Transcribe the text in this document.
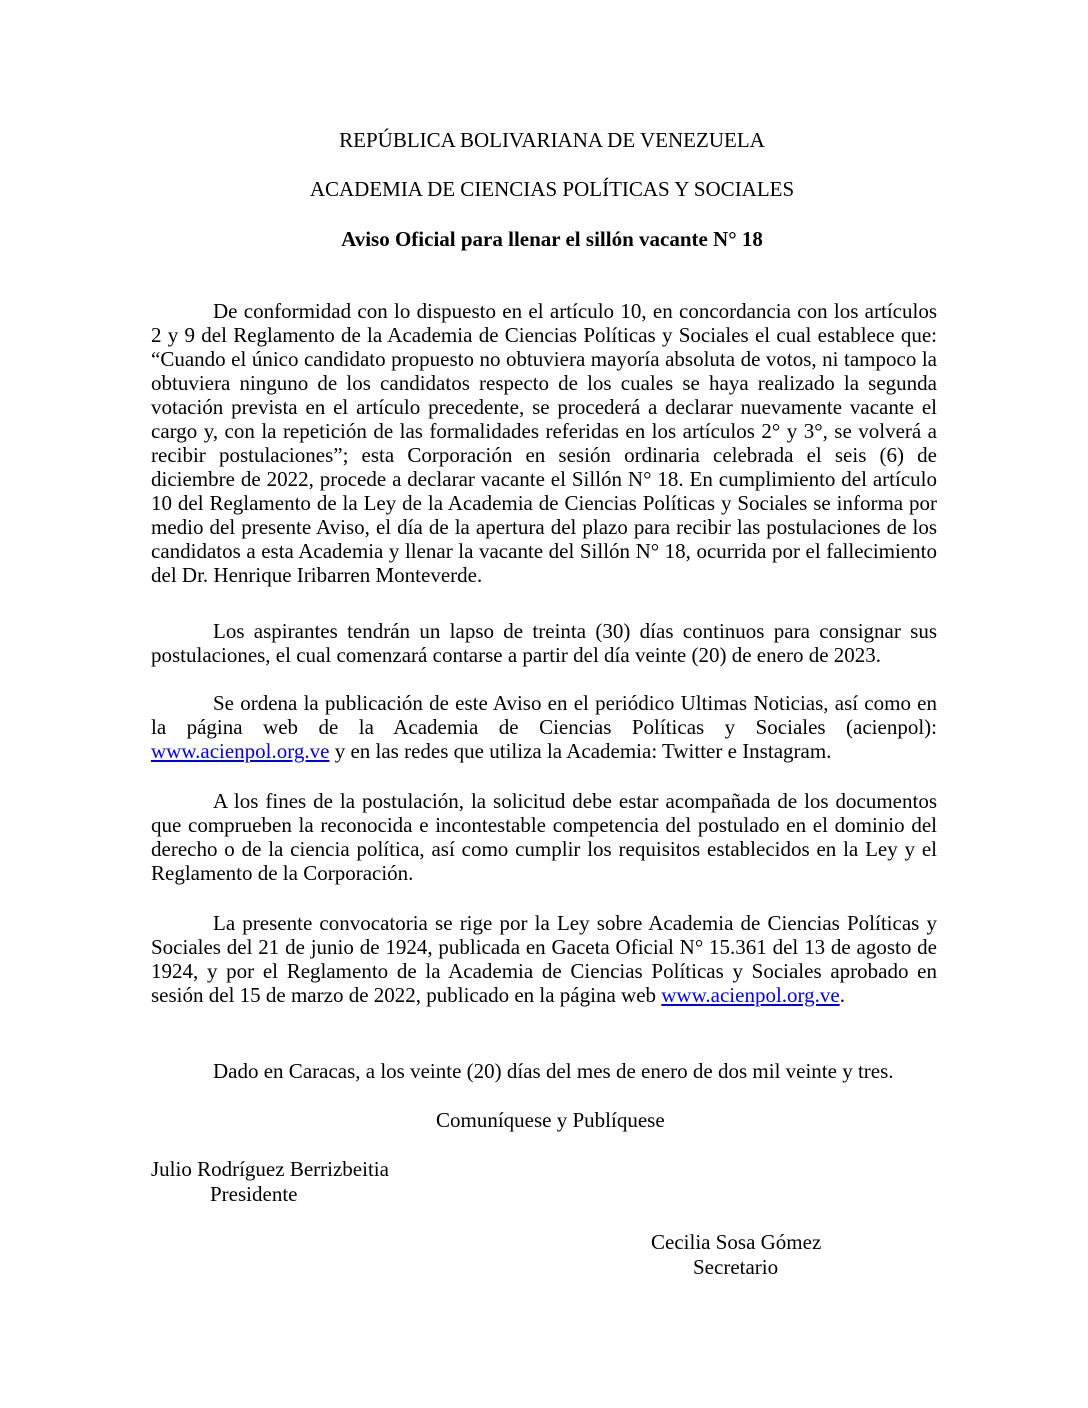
REPÚBLICA BOLIVARIANA DE VENEZUELA
ACADEMIA DE CIENCIAS POLÍTICAS Y SOCIALES
Aviso Oficial para llenar el sillón vacante N° 18

De conformidad con lo dispuesto en el artículo 10, en concordancia con los artículos 2 y 9 del Reglamento de la Academia de Ciencias Políticas y Sociales el cual establece que: “Cuando el único candidato propuesto no obtuviera mayoría absoluta de votos, ni tampoco la obtuviera ninguno de los candidatos respecto de los cuales se haya realizado la segunda votación prevista en el artículo precedente, se procederá a declarar nuevamente vacante el cargo y, con la repetición de las formalidades referidas en los artículos 2° y 3°, se volverá a recibir postulaciones”; esta Corporación en sesión ordinaria celebrada el seis (6) de diciembre de 2022, procede a declarar vacante el Sillón N° 18. En cumplimiento del artículo 10 del Reglamento de la Ley de la Academia de Ciencias Políticas y Sociales se informa por medio del presente Aviso, el día de la apertura del plazo para recibir las postulaciones de los candidatos a esta Academia y llenar la vacante del Sillón N° 18, ocurrida por el fallecimiento del Dr. Henrique Iribarren Monteverde.

Los aspirantes tendrán un lapso de treinta (30) días continuos para consignar sus postulaciones, el cual comenzará contarse a partir del día veinte (20) de enero de 2023.

Se ordena la publicación de este Aviso en el periódico Ultimas Noticias, así como en la página web de la Academia de Ciencias Políticas y Sociales (acienpol): www.acienpol.org.ve y en las redes que utiliza la Academia: Twitter e Instagram.

A los fines de la postulación, la solicitud debe estar acompañada de los documentos que comprueben la reconocida e incontestable competencia del postulado en el dominio del derecho o de la ciencia política, así como cumplir los requisitos establecidos en la Ley y el Reglamento de la Corporación.

La presente convocatoria se rige por la Ley sobre Academia de Ciencias Políticas y Sociales del 21 de junio de 1924, publicada en Gaceta Oficial N° 15.361 del 13 de agosto de 1924, y por el Reglamento de la Academia de Ciencias Políticas y Sociales aprobado en sesión del 15 de marzo de 2022, publicado en la página web www.acienpol.org.ve.

Dado en Caracas, a los veinte (20) días del mes de enero de dos mil veinte y tres.
Comuníquese y Publíquese
Julio Rodríguez Berrizbeitia
Presidente
Cecilia Sosa Gómez
Secretario
